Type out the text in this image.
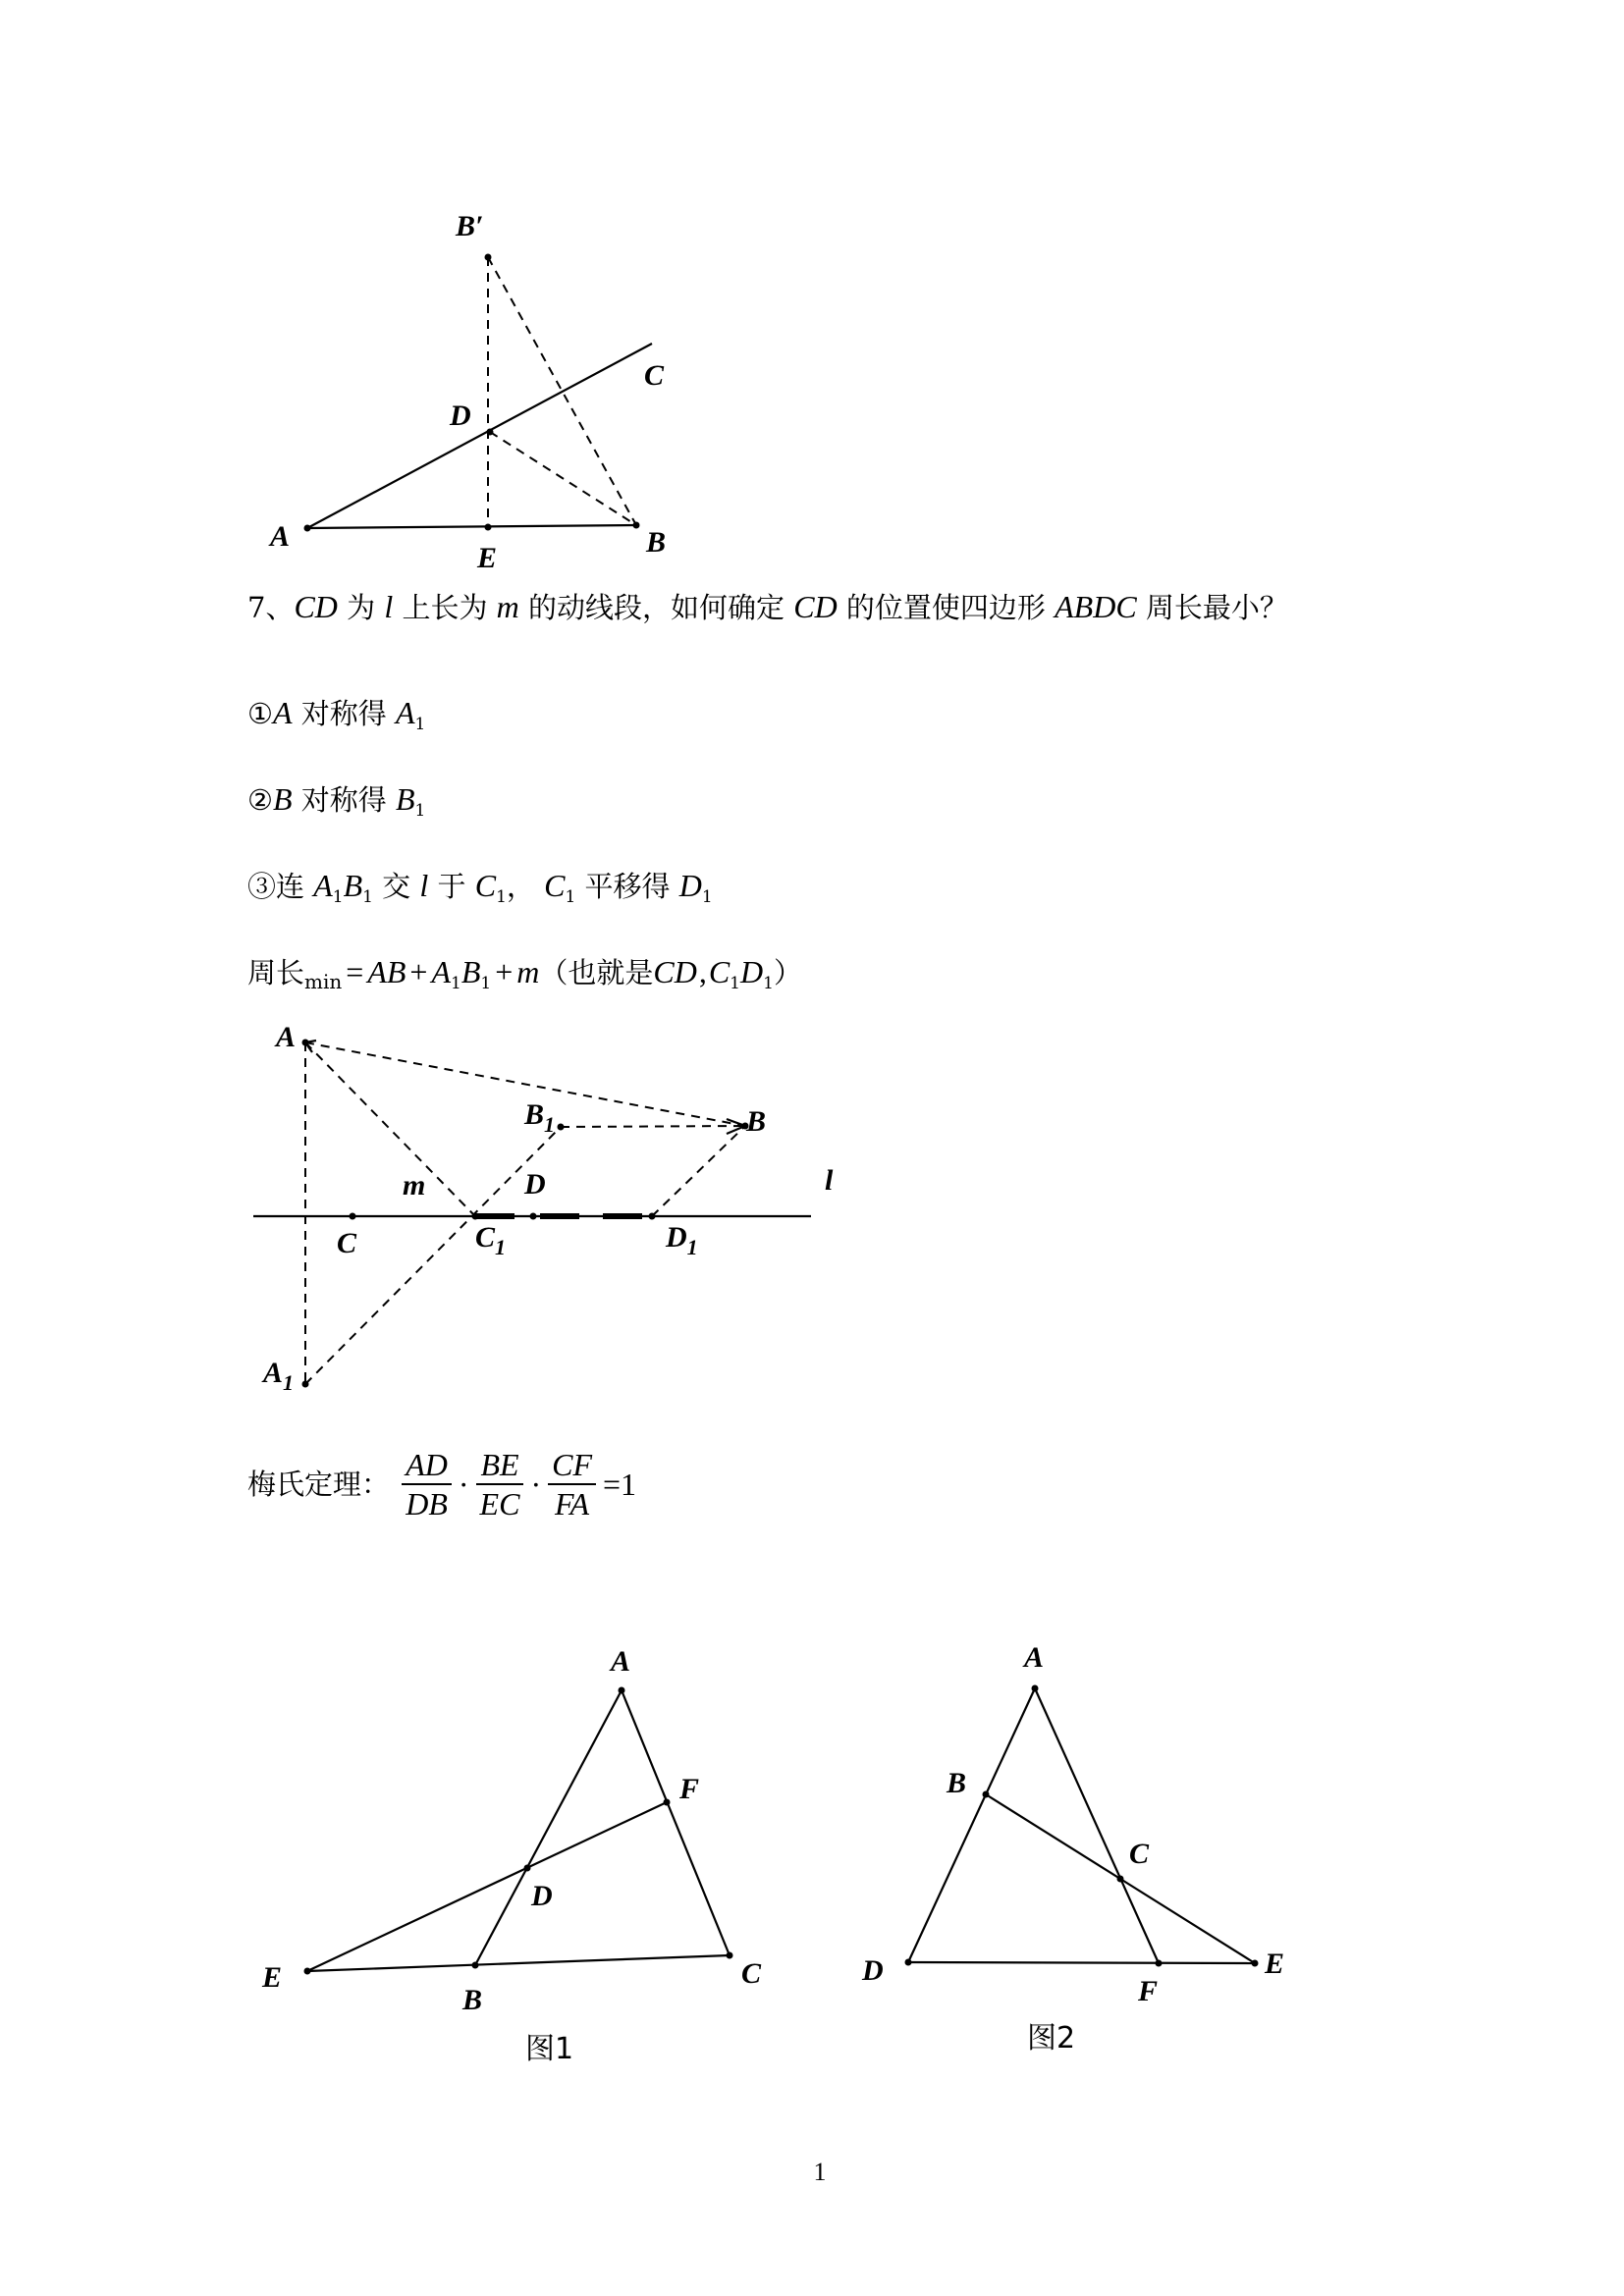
B′
C
D
A
E	B
7、CD 为 l 上长为 m 的动线段，如何确定 CD 的位置使四边形 ABDC 周长最小？
①A 对称得 $A_1$
②B 对称得 $B_1$
③连 $A_1B_1$ 交 l 于 $C_1$， $C_1$ 平移得 $D_1$
周长$_{min}$ = AB + $A_1B_1 + m$（也就是$CD,C_1D_1$）
A
$B_1$	B
m	D	l
C	$C_1$	$D_1$
$A_1$
梅氏定理： $\frac{AD}{DB} \cdot \frac{BE}{EC} \cdot \frac{CF}{FA} =1$
A
F
D
E
B
C
图1
A
B
C
D
F
E
图2
1
